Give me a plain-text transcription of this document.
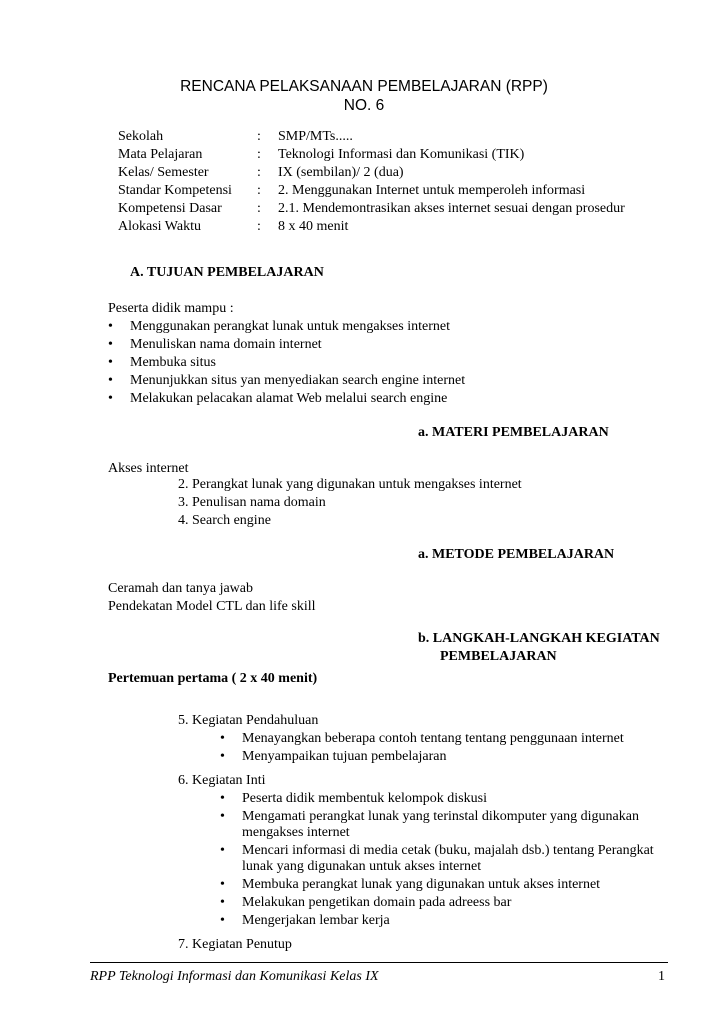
RENCANA PELAKSANAAN PEMBELAJARAN (RPP)
NO. 6
Sekolah	: SMP/MTs.....
Mata Pelajaran	: Teknologi Informasi dan Komunikasi (TIK)
Kelas/ Semester	: IX (sembilan)/ 2 (dua)
Standar Kompetensi : 2. Menggunakan Internet untuk memperoleh informasi
Kompetensi Dasar	: 2.1. Mendemontrasikan akses internet sesuai dengan prosedur
Alokasi Waktu	: 8 x 40 menit
A. TUJUAN PEMBELAJARAN
Peserta didik mampu :
• Menggunakan perangkat lunak untuk mengakses internet
• Menuliskan nama domain internet
• Membuka situs
• Menunjukkan situs yan menyediakan search engine internet
• Melakukan pelacakan alamat Web melalui search engine
a. MATERI PEMBELAJARAN
Akses internet
2. Perangkat lunak yang digunakan untuk mengakses internet
3. Penulisan nama domain
4. Search engine
a. METODE PEMBELAJARAN
Ceramah dan tanya jawab
Pendekatan Model CTL dan life skill
b. LANGKAH-LANGKAH KEGIATAN
PEMBELAJARAN
Pertemuan pertama ( 2 x 40 menit)
5. Kegiatan Pendahuluan
• Menayangkan beberapa contoh tentang tentang penggunaan internet
• Menyampaikan tujuan pembelajaran
6. Kegiatan Inti
• Peserta didik membentuk kelompok diskusi
• Mengamati perangkat lunak yang terinstal dikomputer yang digunakan
mengakses internet
• Mencari informasi di media cetak (buku, majalah dsb.) tentang Perangkat
lunak yang digunakan untuk akses internet
• Membuka perangkat lunak yang digunakan untuk akses internet
• Melakukan pengetikan domain pada adreess bar
• Mengerjakan lembar kerja
7. Kegiatan Penutup
RPP Teknologi Informasi dan Komunikasi Kelas IX	1
